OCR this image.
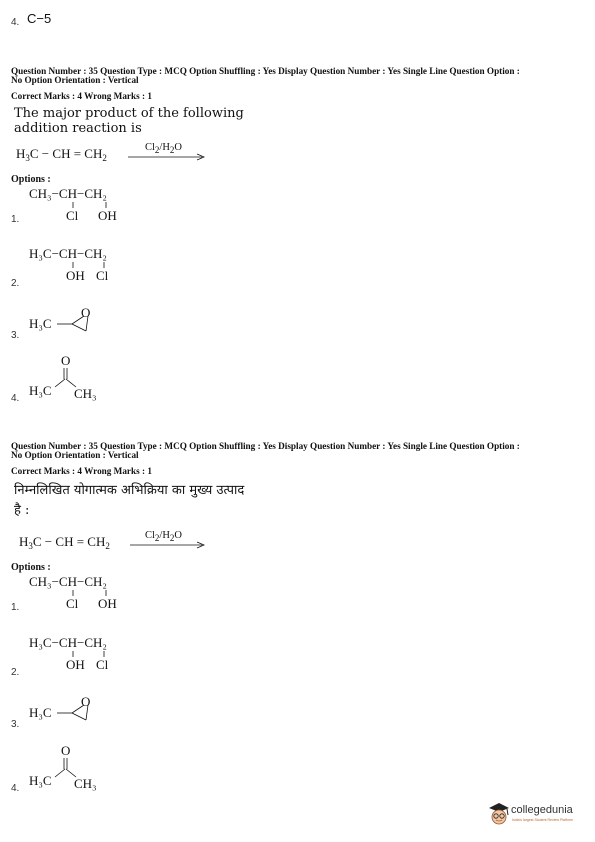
4. C−5
Question Number : 35 Question Type : MCQ Option Shuffling : Yes Display Question Number : Yes Single Line Question Option :
No Option Orientation : Vertical
Correct Marks : 4 Wrong Marks : 1
The major product of the following
addition reaction is
$H_3C$ − CH = $CH_2$
$Cl_2/H_2O$
Options :
CH₃−CH−CH₂
Cl OH
1.
H₃C−CH−CH₂
OH Cl
2.
H₃C
O
3.
O
H₃C CH₃
4.
Question Number : 35 Question Type : MCQ Option Shuffling : Yes Display Question Number : Yes Single Line Question Option :
No Option Orientation : Vertical
Correct Marks : 4 Wrong Marks : 1
निम्नलिखित योगात्मक अभिक्रिया का मुख्य उत्पाद
है :
$H_3C$ − CH = $CH_2$
$Cl_2/H_2O$
Options :
CH₃−CH−CH₂
Cl OH
1.
H₃C−CH−CH₂
OH Cl
2.
H₃C
O
3.
O
H₃C CH₃
4.
collegedunia
India's largest Student Review Platform
